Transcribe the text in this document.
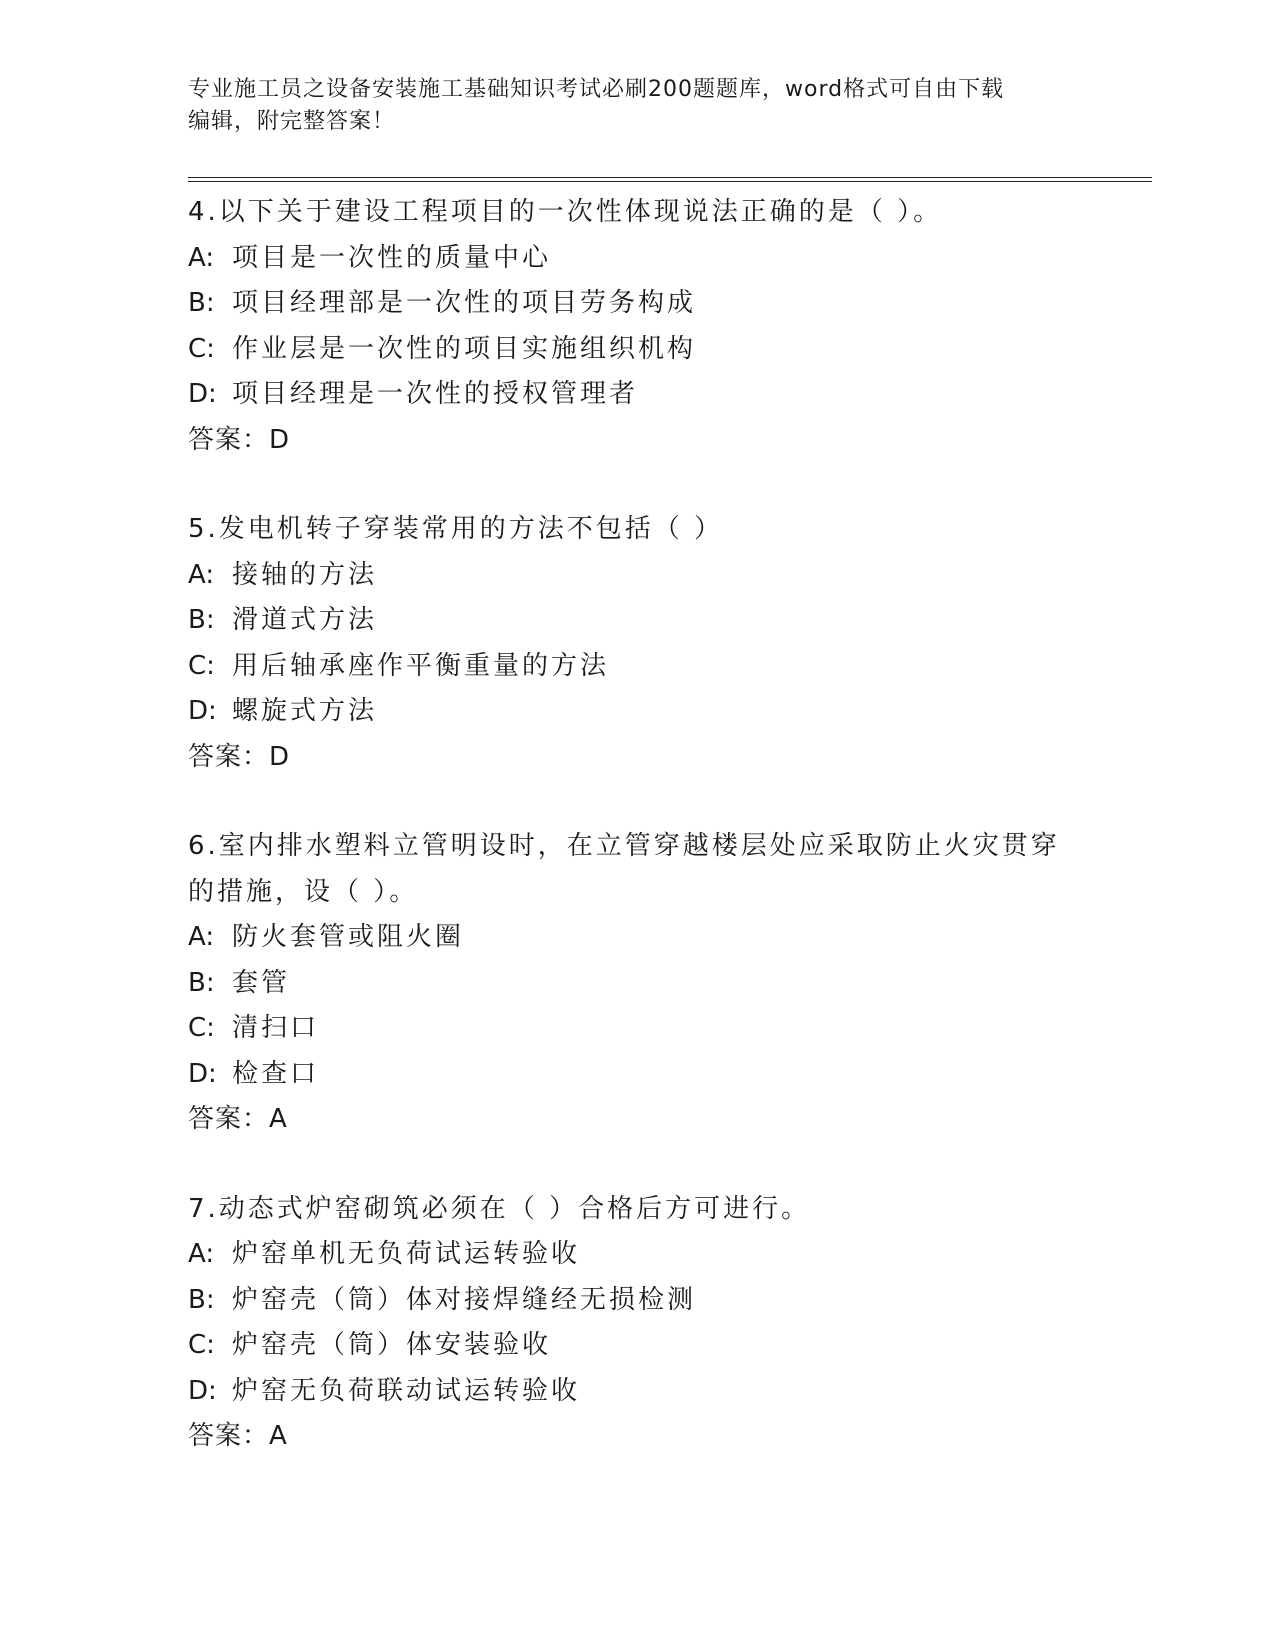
专业施工员之设备安装施工基础知识考试必刷200题题库，word格式可自由下载
编辑，附完整答案！
4.以下关于建设工程项目的一次性体现说法正确的是（ ）。
A: 项目是一次性的质量中心
B: 项目经理部是一次性的项目劳务构成
C: 作业层是一次性的项目实施组织机构
D: 项目经理是一次性的授权管理者
答案：D
5.发电机转子穿装常用的方法不包括（ ）
A: 接轴的方法
B: 滑道式方法
C: 用后轴承座作平衡重量的方法
D: 螺旋式方法
答案：D
6.室内排水塑料立管明设时，在立管穿越楼层处应采取防止火灾贯穿
的措施，设（ ）。
A: 防火套管或阻火圈
B: 套管
C: 清扫口
D: 检查口
答案：A
7.动态式炉窑砌筑必须在（ ）合格后方可进行。
A: 炉窑单机无负荷试运转验收
B: 炉窑壳（筒）体对接焊缝经无损检测
C: 炉窑壳（筒）体安装验收
D: 炉窑无负荷联动试运转验收
答案：A
